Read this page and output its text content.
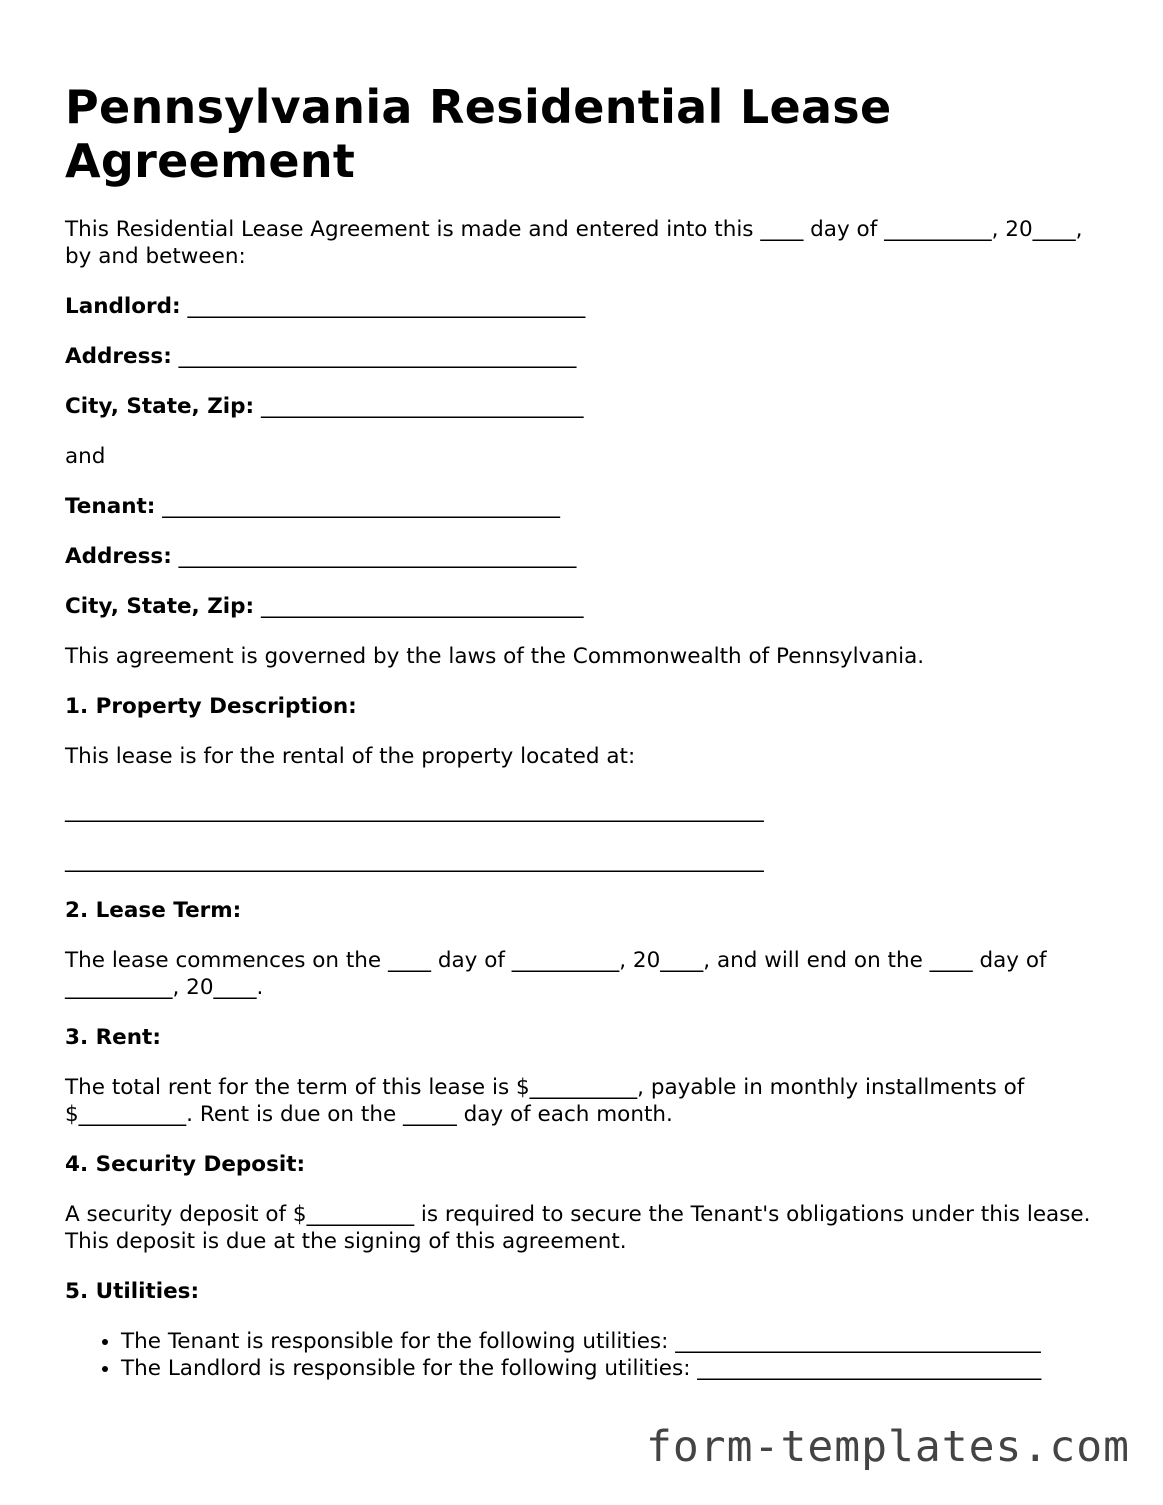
Pennsylvania Residential Lease Agreement

This Residential Lease Agreement is made and entered into this ____ day of __________, 20____, by and between:

Landlord: _____________________________________

Address: _____________________________________

City, State, Zip: ______________________________

and

Tenant: _____________________________________

Address: _____________________________________

City, State, Zip: ______________________________

This agreement is governed by the laws of the Commonwealth of Pennsylvania.

1. Property Description:

This lease is for the rental of the property located at:

_________________________________________________________________
_________________________________________________________________
2. Lease Term:

The lease commences on the ____ day of __________, 20____, and will end on the ____ day of __________, 20____.

3. Rent:

The total rent for the term of this lease is $__________, payable in monthly installments of $__________. Rent is due on the _____ day of each month.

4. Security Deposit:

A security deposit of $__________ is required to secure the Tenant's obligations under this lease. This deposit is due at the signing of this agreement.

5. Utilities:
• The Tenant is responsible for the following utilities: __________________________________
• The Landlord is responsible for the following utilities: ________________________________
form-templates.com
